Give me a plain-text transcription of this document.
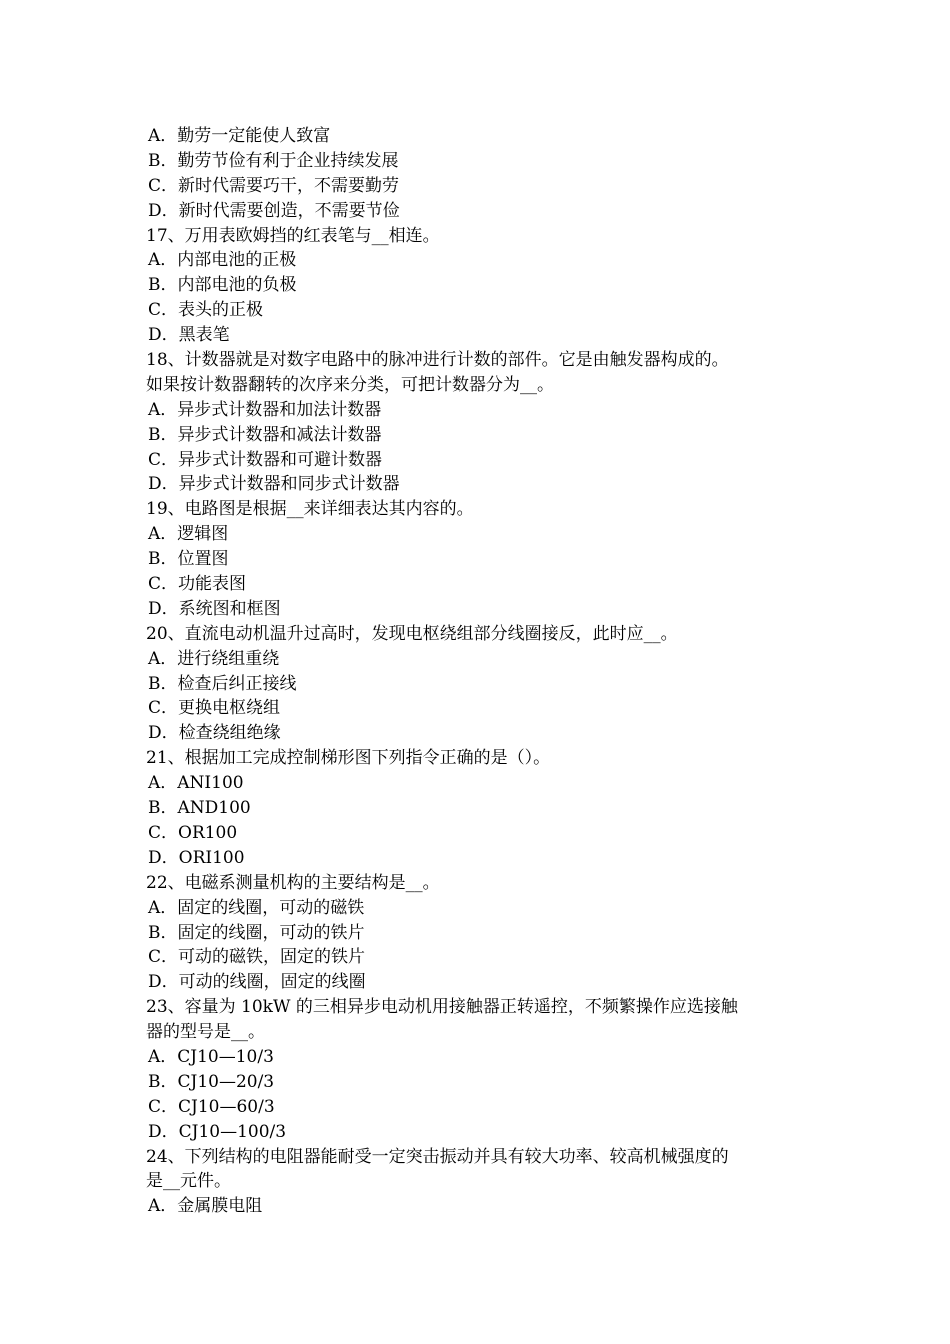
A．勤劳一定能使人致富
B．勤劳节俭有利于企业持续发展
C．新时代需要巧干，不需要勤劳
D．新时代需要创造，不需要节俭
17、万用表欧姆挡的红表笔与__相连。
A．内部电池的正极
B．内部电池的负极
C．表头的正极
D．黑表笔
18、计数器就是对数字电路中的脉冲进行计数的部件。它是由触发器构成的。
如果按计数器翻转的次序来分类，可把计数器分为__。
A．异步式计数器和加法计数器
B．异步式计数器和减法计数器
C．异步式计数器和可避计数器
D．异步式计数器和同步式计数器
19、电路图是根据__来详细表达其内容的。
A．逻辑图
B．位置图
C．功能表图
D．系统图和框图
20、直流电动机温升过高时，发现电枢绕组部分线圈接反，此时应__。
A．进行绕组重绕
B．检查后纠正接线
C．更换电枢绕组
D．检查绕组绝缘
21、根据加工完成控制梯形图下列指令正确的是（）。
A．ANI100
B．AND100
C．OR100
D．ORI100
22、电磁系测量机构的主要结构是__。
A．固定的线圈，可动的磁铁
B．固定的线圈，可动的铁片
C．可动的磁铁，固定的铁片
D．可动的线圈，固定的线圈
23、容量为 10kW 的三相异步电动机用接触器正转遥控，不频繁操作应选接触
器的型号是__。
A．CJ10—10/3
B．CJ10—20/3
C．CJ10—60/3
D．CJ10—100/3
24、下列结构的电阻器能耐受一定突击振动并具有较大功率、较高机械强度的
是__元件。
A．金属膜电阻
